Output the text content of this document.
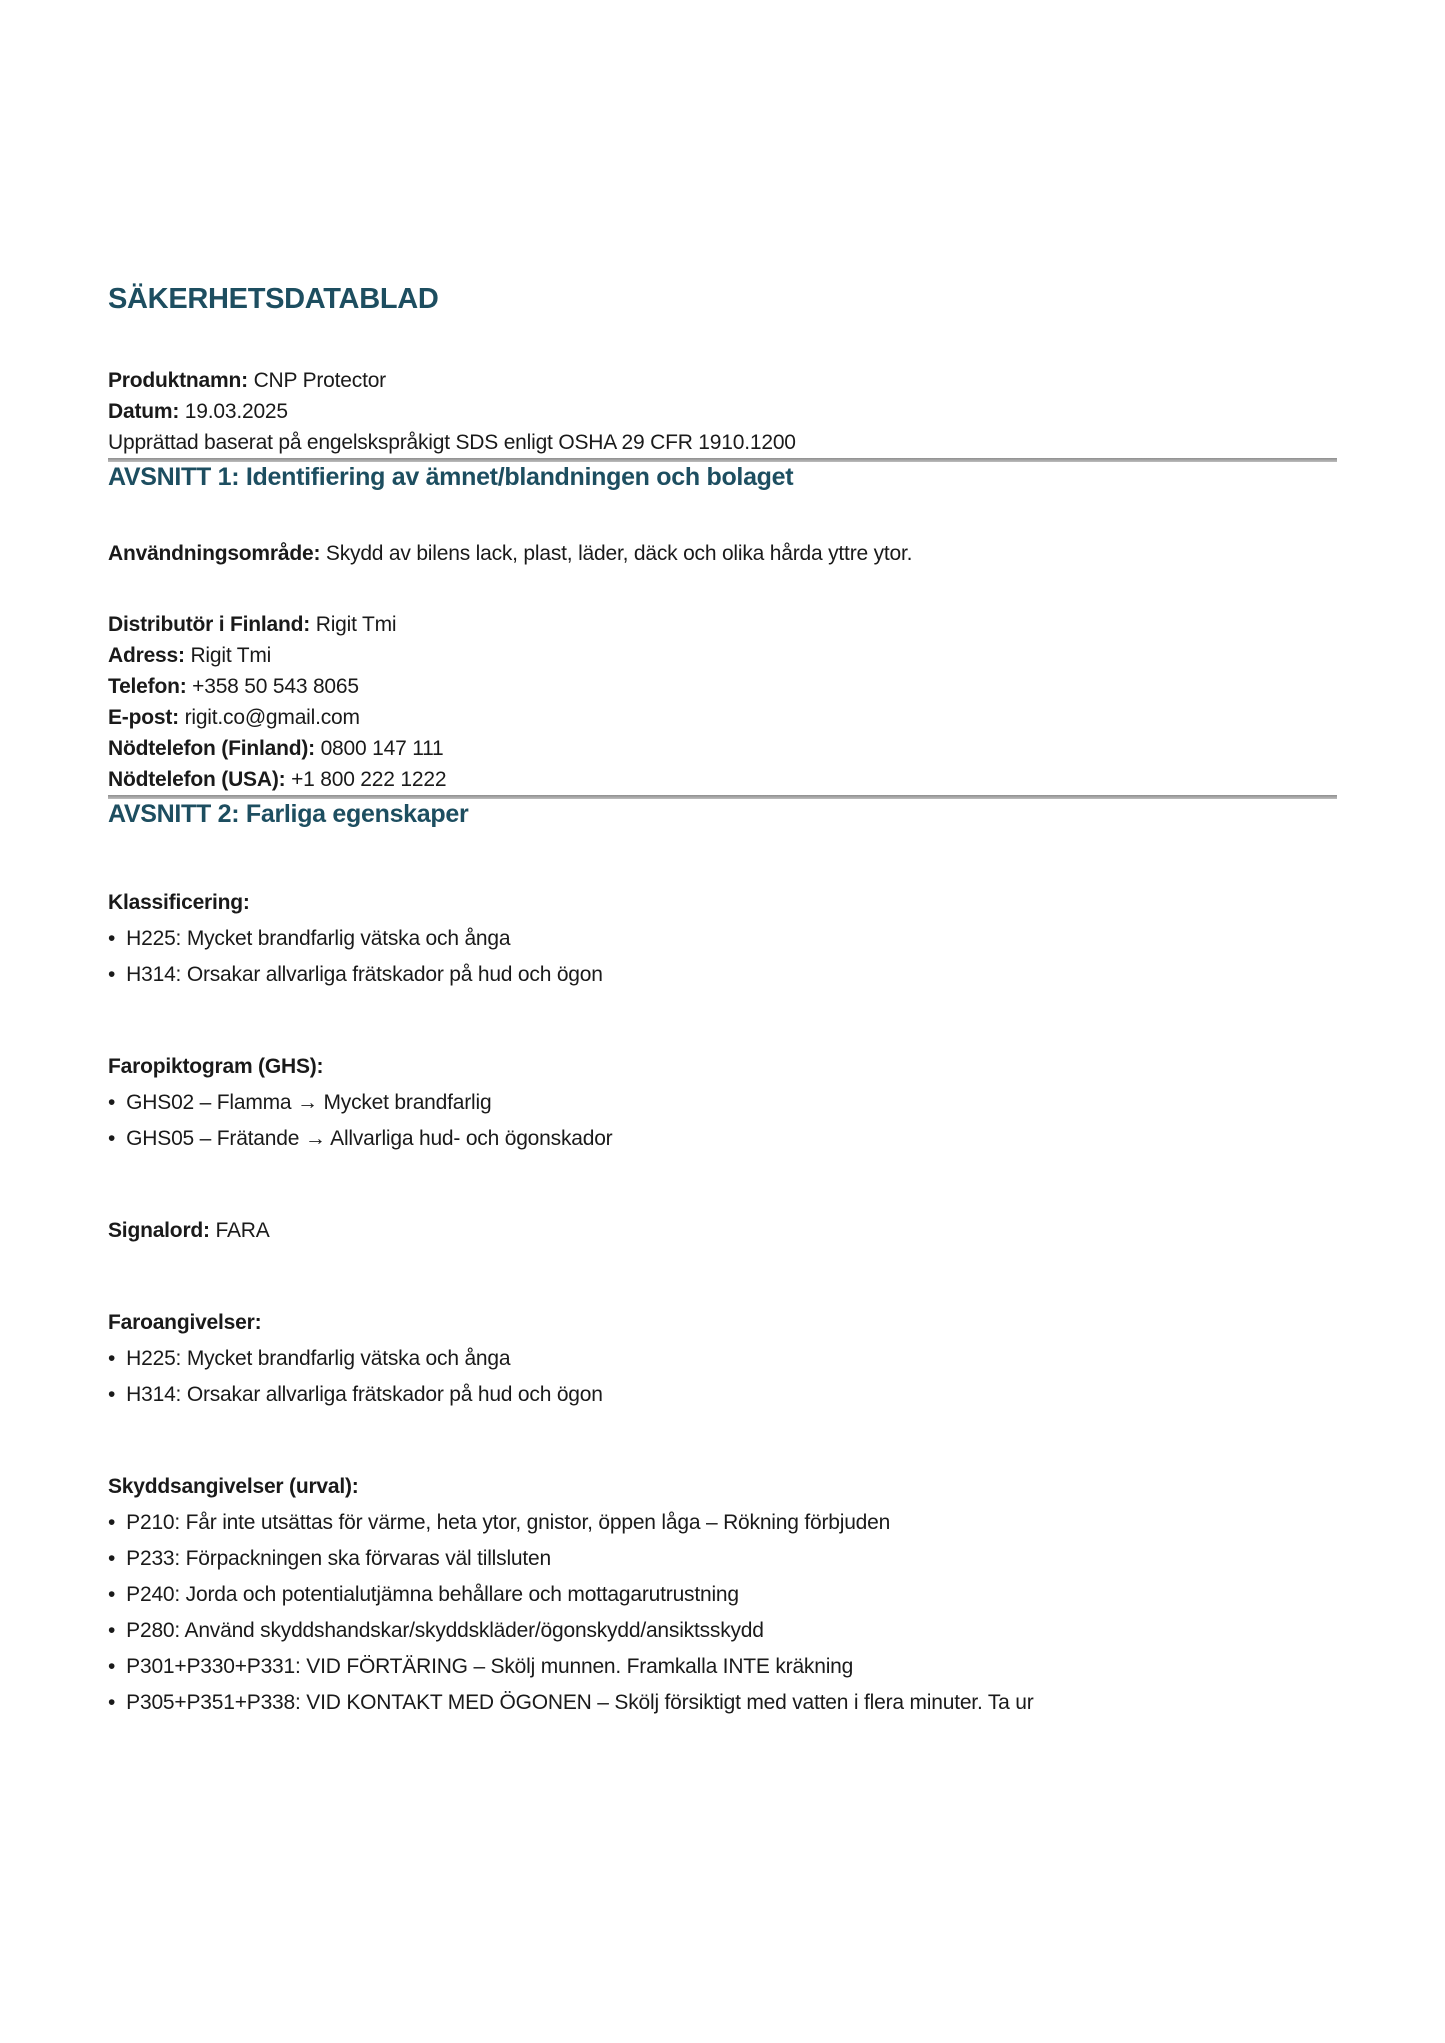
SÄKERHETSDATABLAD

Produktnamn: CNP Protector

Datum: 19.03.2025

Upprättad baserat på engelskspråkigt SDS enligt OSHA 29 CFR 1910.1200

AVSNITT 1: Identifiering av ämnet/blandningen och bolaget

Användningsområde: Skydd av bilens lack, plast, läder, däck och olika hårda yttre ytor.

Distributör i Finland: Rigit Tmi

Adress: Rigit Tmi

Telefon: +358 50 543 8065

E-post: rigit.co@gmail.com

Nödtelefon (Finland): 0800 147 111

Nödtelefon (USA): +1 800 222 1222

AVSNITT 2: Farliga egenskaper
Klassificering:
• H225: Mycket brandfarlig vätska och ånga
• H314: Orsakar allvarliga frätskador på hud och ögon
Faropiktogram (GHS):
• GHS02 – Flamma → Mycket brandfarlig
• GHS05 – Frätande → Allvarliga hud- och ögonskador

Signalord: FARA

Faroangivelser:
• H225: Mycket brandfarlig vätska och ånga
• H314: Orsakar allvarliga frätskador på hud och ögon
Skyddsangivelser (urval):
• P210: Får inte utsättas för värme, heta ytor, gnistor, öppen låga – Rökning förbjuden
• P233: Förpackningen ska förvaras väl tillsluten
• P240: Jorda och potentialutjämna behållare och mottagarutrustning
• P280: Använd skyddshandskar/skyddskläder/ögonskydd/ansiktsskydd
• P301+P330+P331: VID FÖRTÄRING – Skölj munnen. Framkalla INTE kräkning
• P305+P351+P338: VID KONTAKT MED ÖGONEN – Skölj försiktigt med vatten i flera minuter. Ta ur
